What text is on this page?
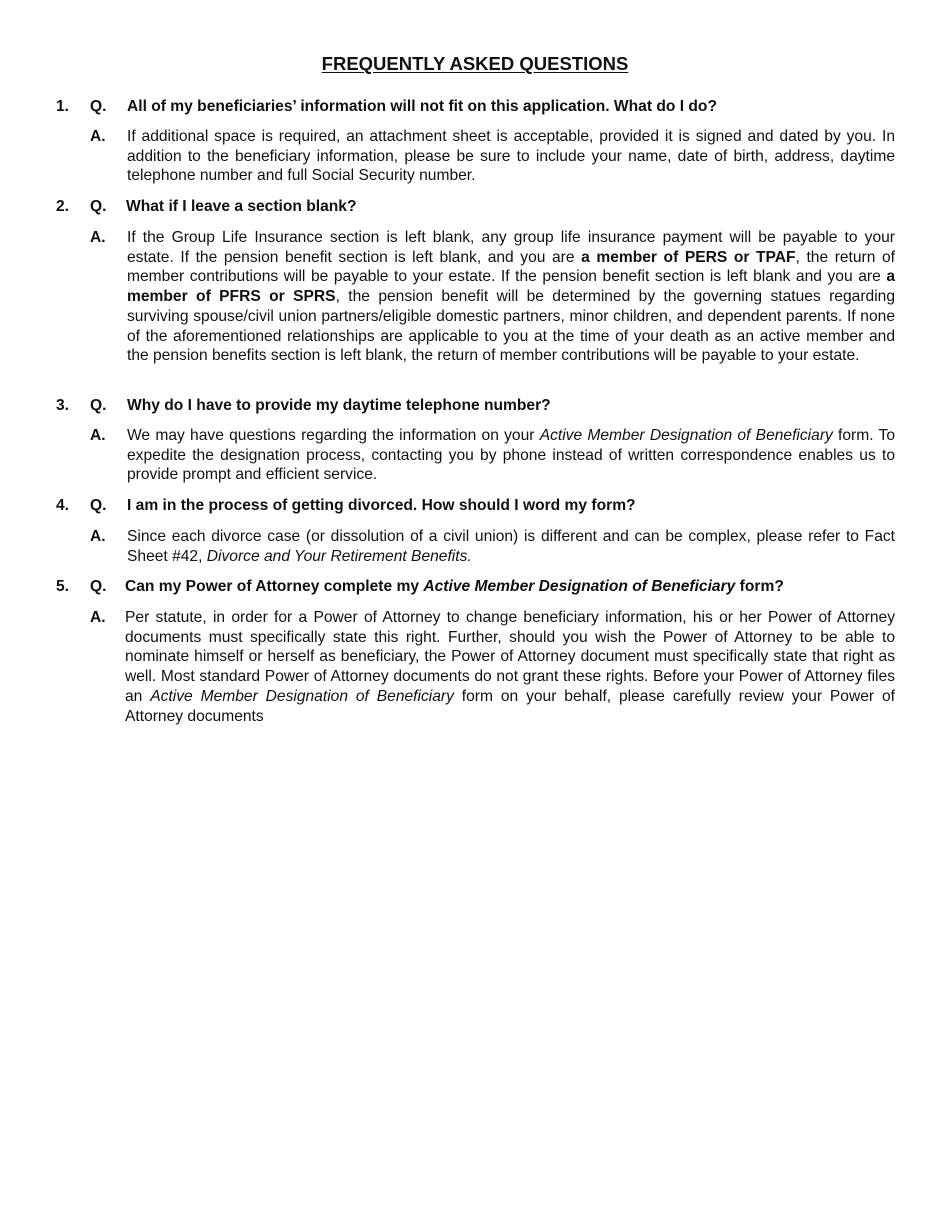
FREQUENTLY ASKED QUESTIONS
1. Q. All of my beneficiaries’ information will not fit on this application. What do I do?
A. If additional space is required, an attachment sheet is acceptable, provided it is signed and dated by you. In addition to the beneficiary information, please be sure to include your name, date of birth, address, daytime telephone number and full Social Security number.
2. Q. What if I leave a section blank?
A. If the Group Life Insurance section is left blank, any group life insurance payment will be payable to your estate. If the pension benefit section is left blank, and you are a member of PERS or TPAF, the return of member contributions will be payable to your estate. If the pension benefit section is left blank and you are a member of PFRS or SPRS, the pension benefit will be determined by the governing statues regarding surviving spouse/civil union partners/eligible domestic partners, minor children, and dependent parents. If none of the aforementioned relationships are applicable to you at the time of your death as an active member and the pension benefits section is left blank, the return of member contributions will be payable to your estate.
3. Q. Why do I have to provide my daytime telephone number?
A. We may have questions regarding the information on your Active Member Designation of Beneficiary form. To expedite the designation process, contacting you by phone instead of written correspondence enables us to provide prompt and efficient service.
4. Q. I am in the process of getting divorced. How should I word my form?
A. Since each divorce case (or dissolution of a civil union) is different and can be complex, please refer to Fact Sheet #42, Divorce and Your Retirement Benefits.
5. Q. Can my Power of Attorney complete my Active Member Designation of Beneficiary form?
A. Per statute, in order for a Power of Attorney to change beneficiary information, his or her Power of Attorney documents must specifically state this right. Further, should you wish the Power of Attorney to be able to nominate himself or herself as beneficiary, the Power of Attorney document must specifically state that right as well. Most standard Power of Attorney documents do not grant these rights. Before your Power of Attorney files an Active Member Designation of Beneficiary form on your behalf, please carefully review your Power of Attorney documents
